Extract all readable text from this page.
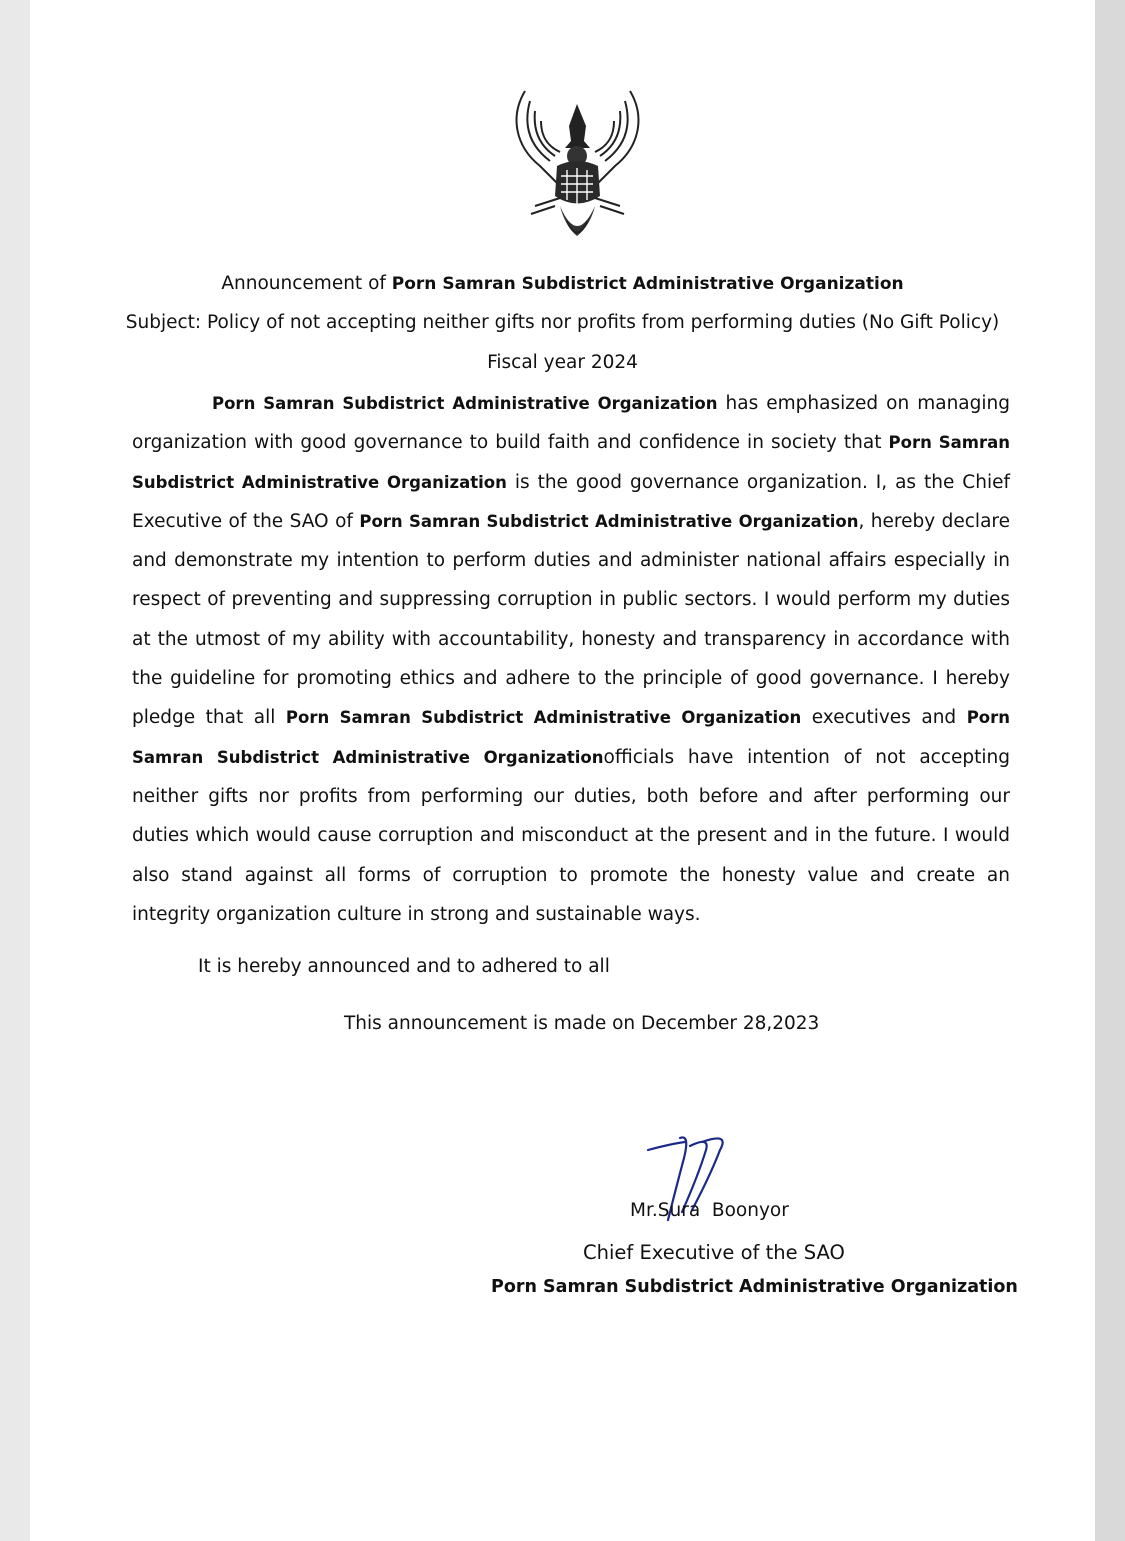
Announcement of Porn Samran Subdistrict Administrative Organization
Subject: Policy of not accepting neither gifts nor profits from performing duties (No Gift Policy)
Fiscal year 2024
Porn Samran Subdistrict Administrative Organization has emphasized on managing organization with good governance to build faith and confidence in society that Porn Samran Subdistrict Administrative Organization is the good governance organization. I, as the Chief Executive of the SAO of Porn Samran Subdistrict Administrative Organization, hereby declare and demonstrate my intention to perform duties and administer national affairs especially in respect of preventing and suppressing corruption in public sectors. I would perform my duties at the utmost of my ability with accountability, honesty and transparency in accordance with the guideline for promoting ethics and adhere to the principle of good governance. I hereby pledge that all Porn Samran Subdistrict Administrative Organization executives and Porn Samran Subdistrict Administrative Organizationofficials have intention of not accepting neither gifts nor profits from performing our duties, both before and after performing our duties which would cause corruption and misconduct at the present and in the future. I would also stand against all forms of corruption to promote the honesty value and create an integrity organization culture in strong and sustainable ways.
It is hereby announced and to adhered to all
This announcement is made on December 28,2023
Mr.Sura  Boonyor
Chief Executive of the SAO
Porn Samran Subdistrict Administrative Organization
